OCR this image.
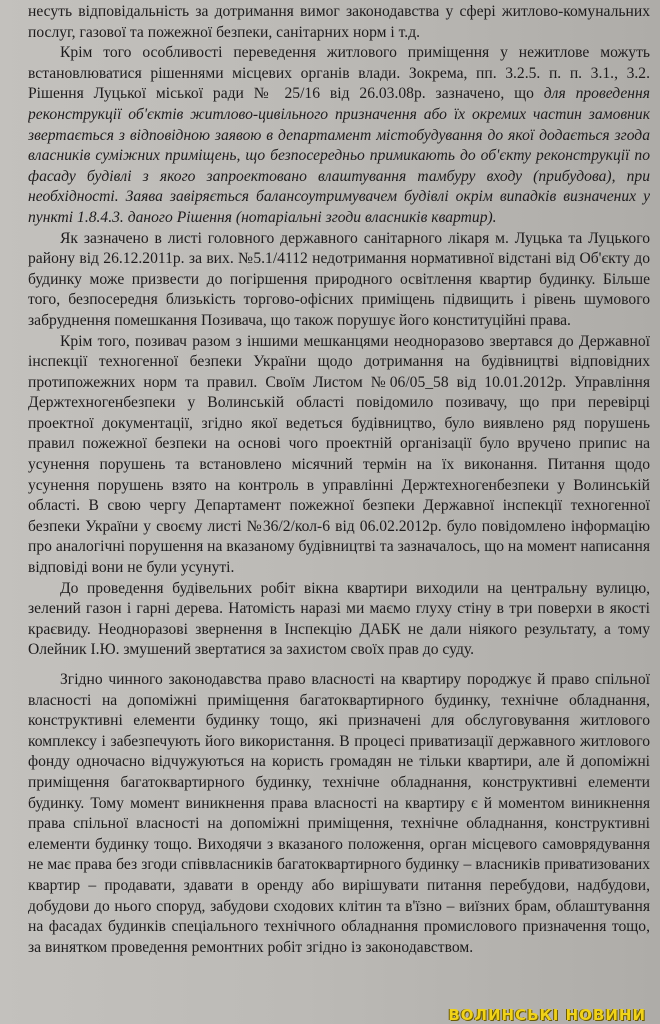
несуть відповідальність за дотримання вимог законодавства у сфері житлово-комунальних послуг, газової та пожежної безпеки, санітарних норм і т.д.

Крім того особливості переведення житлового приміщення у нежитлове можуть встановлюватися рішеннями місцевих органів влади. Зокрема, пп. 3.2.5. п. п. 3.1., 3.2. Рішення Луцької міської ради № 25/16 від 26.03.08р. зазначено, що для проведення реконструкції об'єктів житлово-цивільного призначення або їх окремих частин замовник звертається з відповідною заявою в департамент містобудування до якої додається згода власників суміжних приміщень, що безпосередньо примикають до об'єкту реконструкції по фасаду будівлі з якого запроектовано влаштування тамбуру входу (прибудова), при необхідності. Заява завіряється балансоутримувачем будівлі окрім випадків визначених у пункті 1.8.4.3. даного Рішення (нотаріальні згоди власників квартир).

Як зазначено в листі головного державного санітарного лікаря м. Луцька та Луцького району від 26.12.2011р. за вих. №5.1/4112 недотримання нормативної відстані від Об'єкту до будинку може призвести до погіршення природного освітлення квартир будинку. Більше того, безпосередня близькість торгово-офісних приміщень підвищить і рівень шумового забруднення помешкання Позивача, що також порушує його конституційні права.

Крім того, позивач разом з іншими мешканцями неодноразово звертався до Державної інспекції техногенної безпеки України щодо дотримання на будівництві відповідних протипожежних норм та правил. Своїм Листом №06/05_58 від 10.01.2012р. Управління Держтехногенбезпеки у Волинській області повідомило позивачу, що при перевірці проектної документації, згідно якої ведеться будівництво, було виявлено ряд порушень правил пожежної безпеки на основі чого проектній організації було вручено припис на усунення порушень та встановлено місячний термін на їх виконання. Питання щодо усунення порушень взято на контроль в управлінні Держтехногенбезпеки у Волинській області. В свою чергу Департамент пожежної безпеки Державної інспекції техногенної безпеки України у своєму листі №36/2/кол-6 від 06.02.2012р. було повідомлено інформацію про аналогічні порушення на вказаному будівництві та зазначалось, що на момент написання відповіді вони не були усунуті.

До проведення будівельних робіт вікна квартири виходили на центральну вулицю, зелений газон і гарні дерева. Натомість наразі ми маємо глуху стіну в три поверхи в якості краєвиду. Неодноразові звернення в Інспекцію ДАБК не дали ніякого результату, а тому Олейник І.Ю. змушений звертатися за захистом своїх прав до суду.

Згідно чинного законодавства право власності на квартиру породжує й право спільної власності на допоміжні приміщення багатоквартирного будинку, технічне обладнання, конструктивні елементи будинку тощо, які призначені для обслуговування житлового комплексу і забезпечують його використання. В процесі приватизації державного житлового фонду одночасно відчужуються на користь громадян не тільки квартири, але й допоміжні приміщення багатоквартирного будинку, технічне обладнання, конструктивні елементи будинку. Тому момент виникнення права власності на квартиру є й моментом виникнення права спільної власності на допоміжні приміщення, технічне обладнання, конструктивні елементи будинку тощо. Виходячи з вказаного положення, орган місцевого самоврядування не має права без згоди співвласників багатоквартирного будинку – власників приватизованих квартир – продавати, здавати в оренду або вирішувати питання перебудови, надбудови, добудови до нього споруд, забудови сходових клітин та в'їзно – виїзних брам, облаштування на фасадах будинків спеціального технічного обладнання промислового призначення тощо, за винятком проведення ремонтних робіт згідно із законодавством.

ВОЛИНСЬКІ НОВИНИ
